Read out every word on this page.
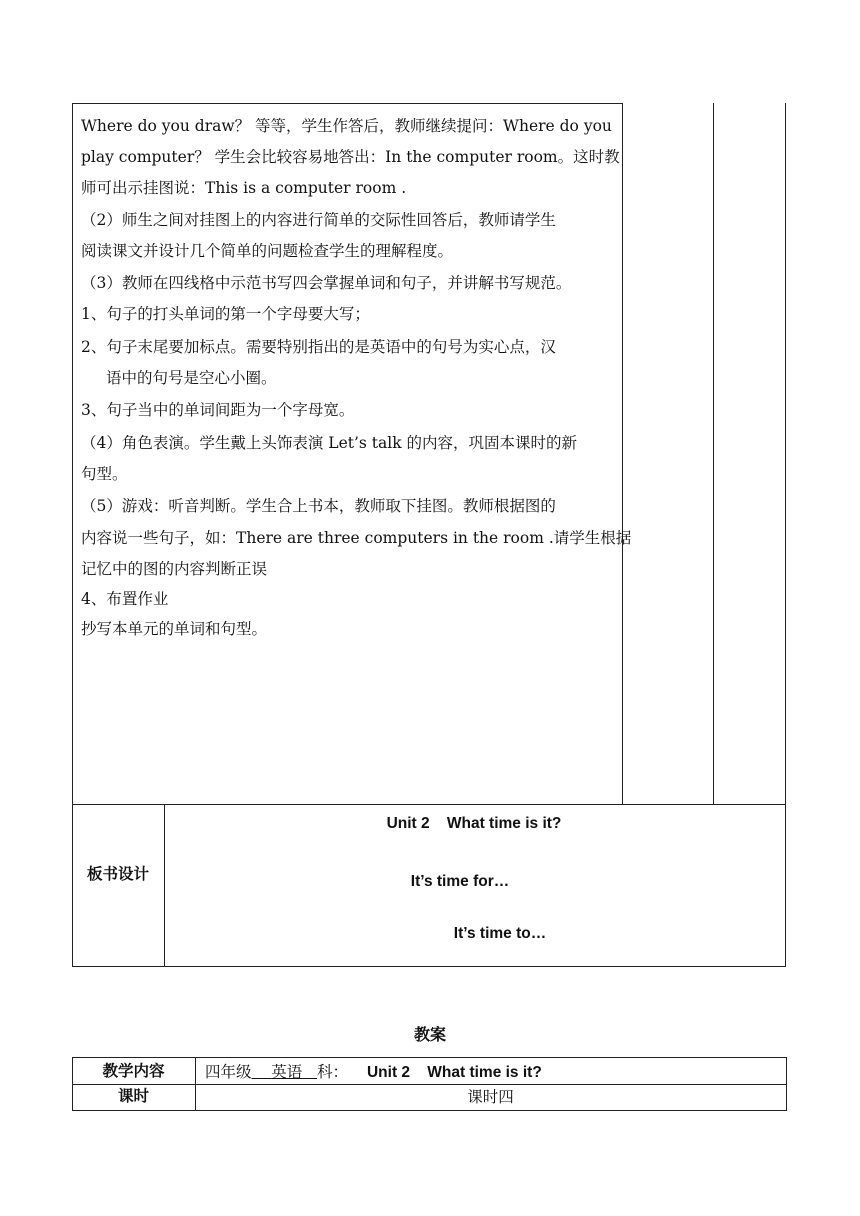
Where do you draw？ 等等，学生作答后，教师继续提问：Where do you
play computer？ 学生会比较容易地答出：In the computer room。这时教
师可出示挂图说：This is a computer room .
（2）师生之间对挂图上的内容进行简单的交际性回答后，教师请学生
阅读课文并设计几个简单的问题检查学生的理解程度。
（3）教师在四线格中示范书写四会掌握单词和句子，并讲解书写规范。
1、句子的打头单词的第一个字母要大写；
2、句子末尾要加标点。需要特别指出的是英语中的句号为实心点，汉
语中的句号是空心小圈。
3、句子当中的单词间距为一个字母宽。
（4）角色表演。学生戴上头饰表演 Let’s talk 的内容，巩固本课时的新
句型。
（5）游戏：听音判断。学生合上书本，教师取下挂图。教师根据图的
内容说一些句子，如：There are three computers in the room .请学生根据
记忆中的图的内容判断正误
4、布置作业
抄写本单元的单词和句型。
板书设计
Unit 2    What time is it?
It’s time for…
It’s time to…
教案
教学内容	四年级 英语 科： Unit 2    What time is it?
课时	课时四
